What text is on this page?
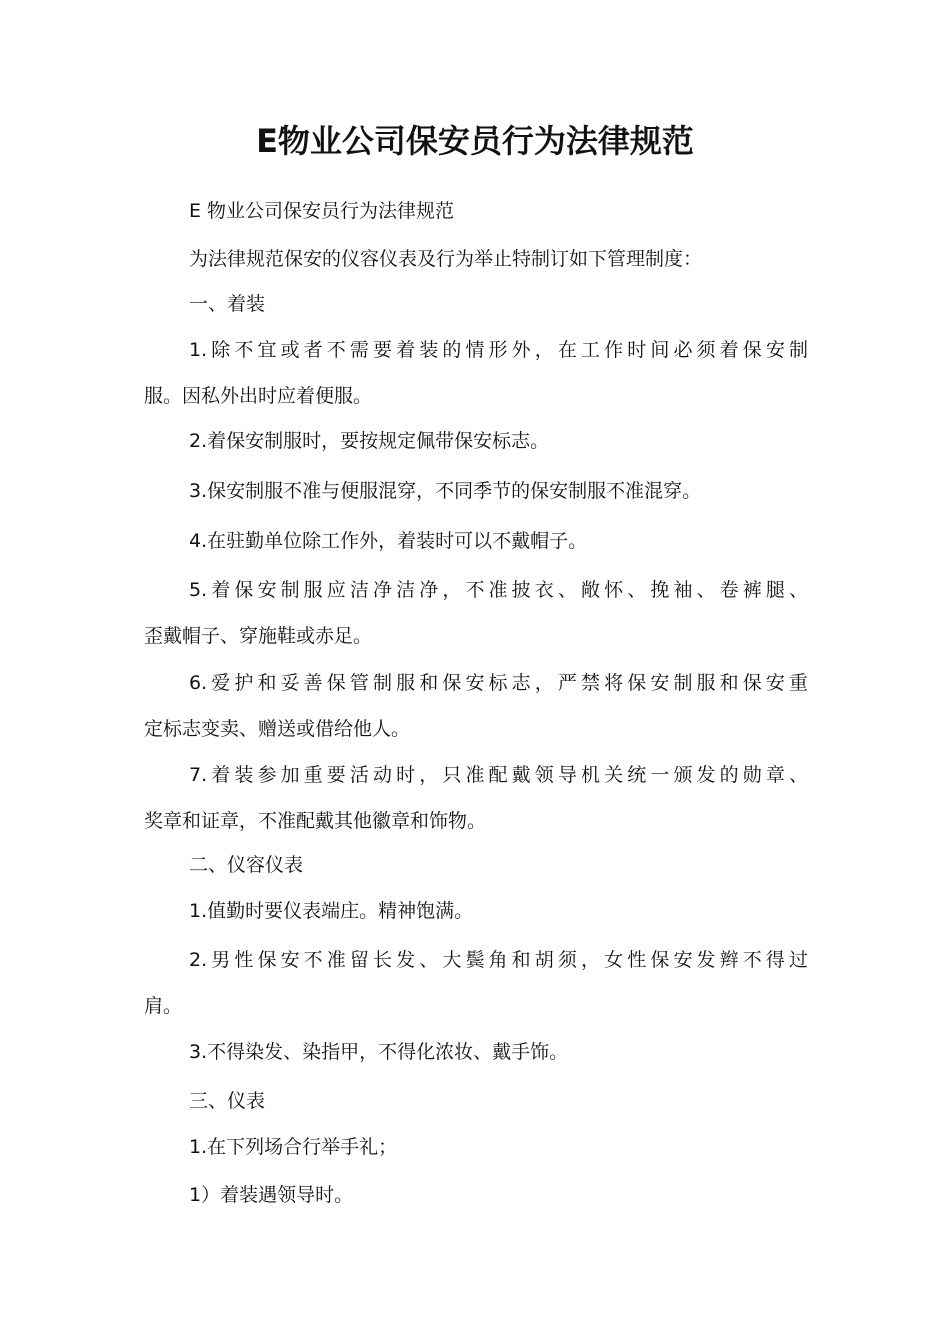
E物业公司保安员行为法律规范
E 物业公司保安员行为法律规范
为法律规范保安的仪容仪表及行为举止特制订如下管理制度：
一、着装
1.除不宜或者不需要着装的情形外，在工作时间必须着保安制
服。因私外出时应着便服。
2.着保安制服时，要按规定佩带保安标志。
3.保安制服不准与便服混穿，不同季节的保安制服不准混穿。
4.在驻勤单位除工作外，着装时可以不戴帽子。
5.着保安制服应洁净洁净，不准披衣、敞怀、挽袖、卷裤腿、
歪戴帽子、穿施鞋或赤足。
6.爱护和妥善保管制服和保安标志，严禁将保安制服和保安重
定标志变卖、赠送或借给他人。
7.着装参加重要活动时，只准配戴领导机关统一颁发的勋章、
奖章和证章，不准配戴其他徽章和饰物。
二、仪容仪表
1.值勤时要仪表端庄。精神饱满。
2.男性保安不准留长发、大鬓角和胡须，女性保安发辫不得过
肩。
3.不得染发、染指甲，不得化浓妆、戴手饰。
三、仪表
1.在下列场合行举手礼；
1）着装遇领导时。
